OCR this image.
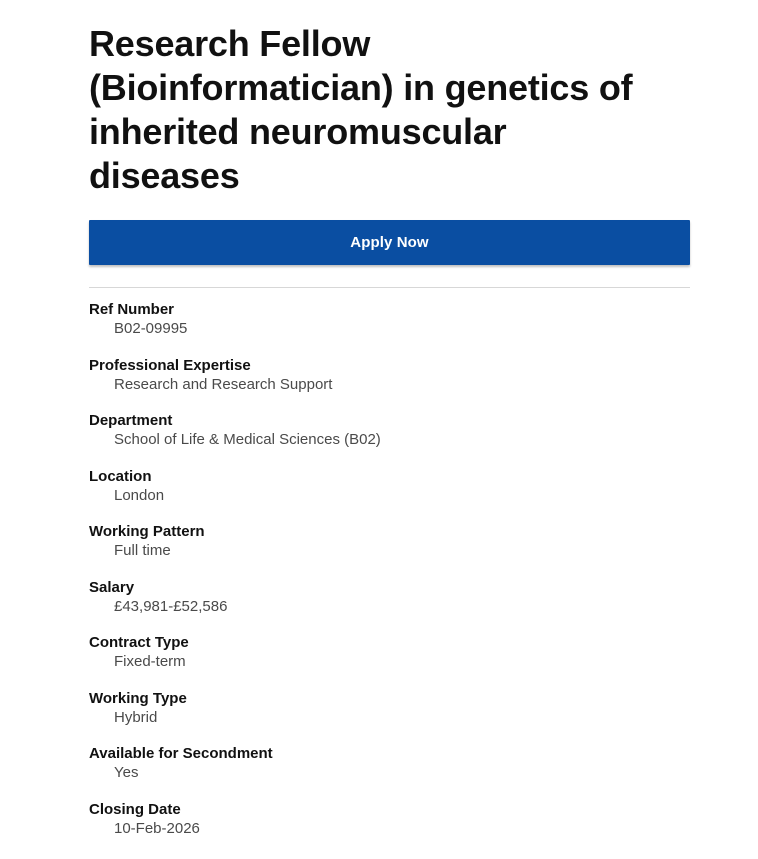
Research Fellow (Bioinformatician) in genetics of inherited neuromuscular diseases
Apply Now
Ref Number
B02-09995
Professional Expertise
Research and Research Support
Department
School of Life & Medical Sciences (B02)
Location
London
Working Pattern
Full time
Salary
£43,981-£52,586
Contract Type
Fixed-term
Working Type
Hybrid
Available for Secondment
Yes
Closing Date
10-Feb-2026
